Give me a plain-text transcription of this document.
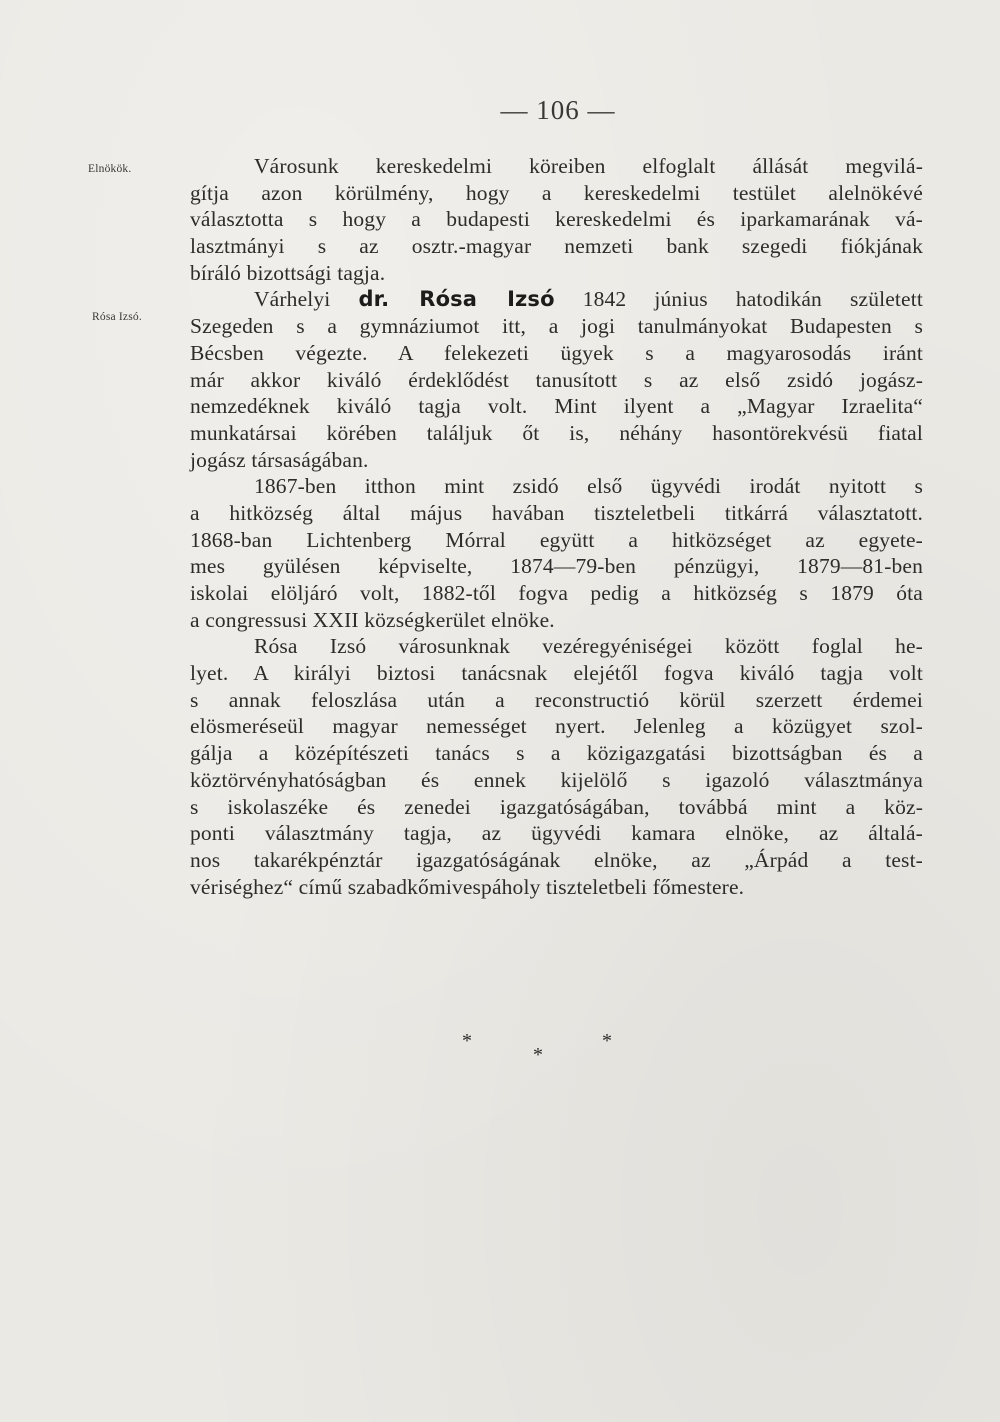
— 106 —
Elnökök.
Rósa Izsó.
Városunk kereskedelmi köreiben elfoglalt állását megvilá-
gítja azon körülmény, hogy a kereskedelmi testület alelnökévé
választotta s hogy a budapesti kereskedelmi és iparkamarának vá-
lasztmányi s az osztr.-magyar nemzeti bank szegedi fiókjának
bíráló bizottsági tagja.
Várhelyi dr. Rósa Izsó 1842 június hatodikán született
Szegeden s a gymnáziumot itt, a jogi tanulmányokat Budapesten s
Bécsben végezte. A felekezeti ügyek s a magyarosodás iránt
már akkor kiváló érdeklődést tanusított s az első zsidó jogász-
nemzedéknek kiváló tagja volt. Mint ilyent a „Magyar Izraelita“
munkatársai körében találjuk őt is, néhány hasontörekvésü fiatal
jogász társaságában.
1867-ben itthon mint zsidó első ügyvédi irodát nyitott s
a hitközség által május havában tiszteletbeli titkárrá választatott.
1868-ban Lichtenberg Mórral együtt a hitközséget az egyete-
mes gyülésen képviselte, 1874—79-ben pénzügyi, 1879—81-ben
iskolai elöljáró volt, 1882-től fogva pedig a hitközség s 1879 óta
a congressusi XXII községkerület elnöke.
Rósa Izsó városunknak vezéregyéniségei között foglal he-
lyet. A királyi biztosi tanácsnak elejétől fogva kiváló tagja volt
s annak feloszlása után a reconstructió körül szerzett érdemei
elösmeréseül magyar nemességet nyert. Jelenleg a közügyet szol-
gálja a középítészeti tanács s a közigazgatási bizottságban és a
köztörvényhatóságban és ennek kijelölő s igazoló választmánya
s iskolaszéke és zenedei igazgatóságában, továbbá mint a köz-
ponti választmány tagja, az ügyvédi kamara elnöke, az általá-
nos takarékpénztár igazgatóságának elnöke, az „Árpád a test-
vériséghez“ című szabadkőmivespáholy tiszteletbeli főmestere.
*
*
*
